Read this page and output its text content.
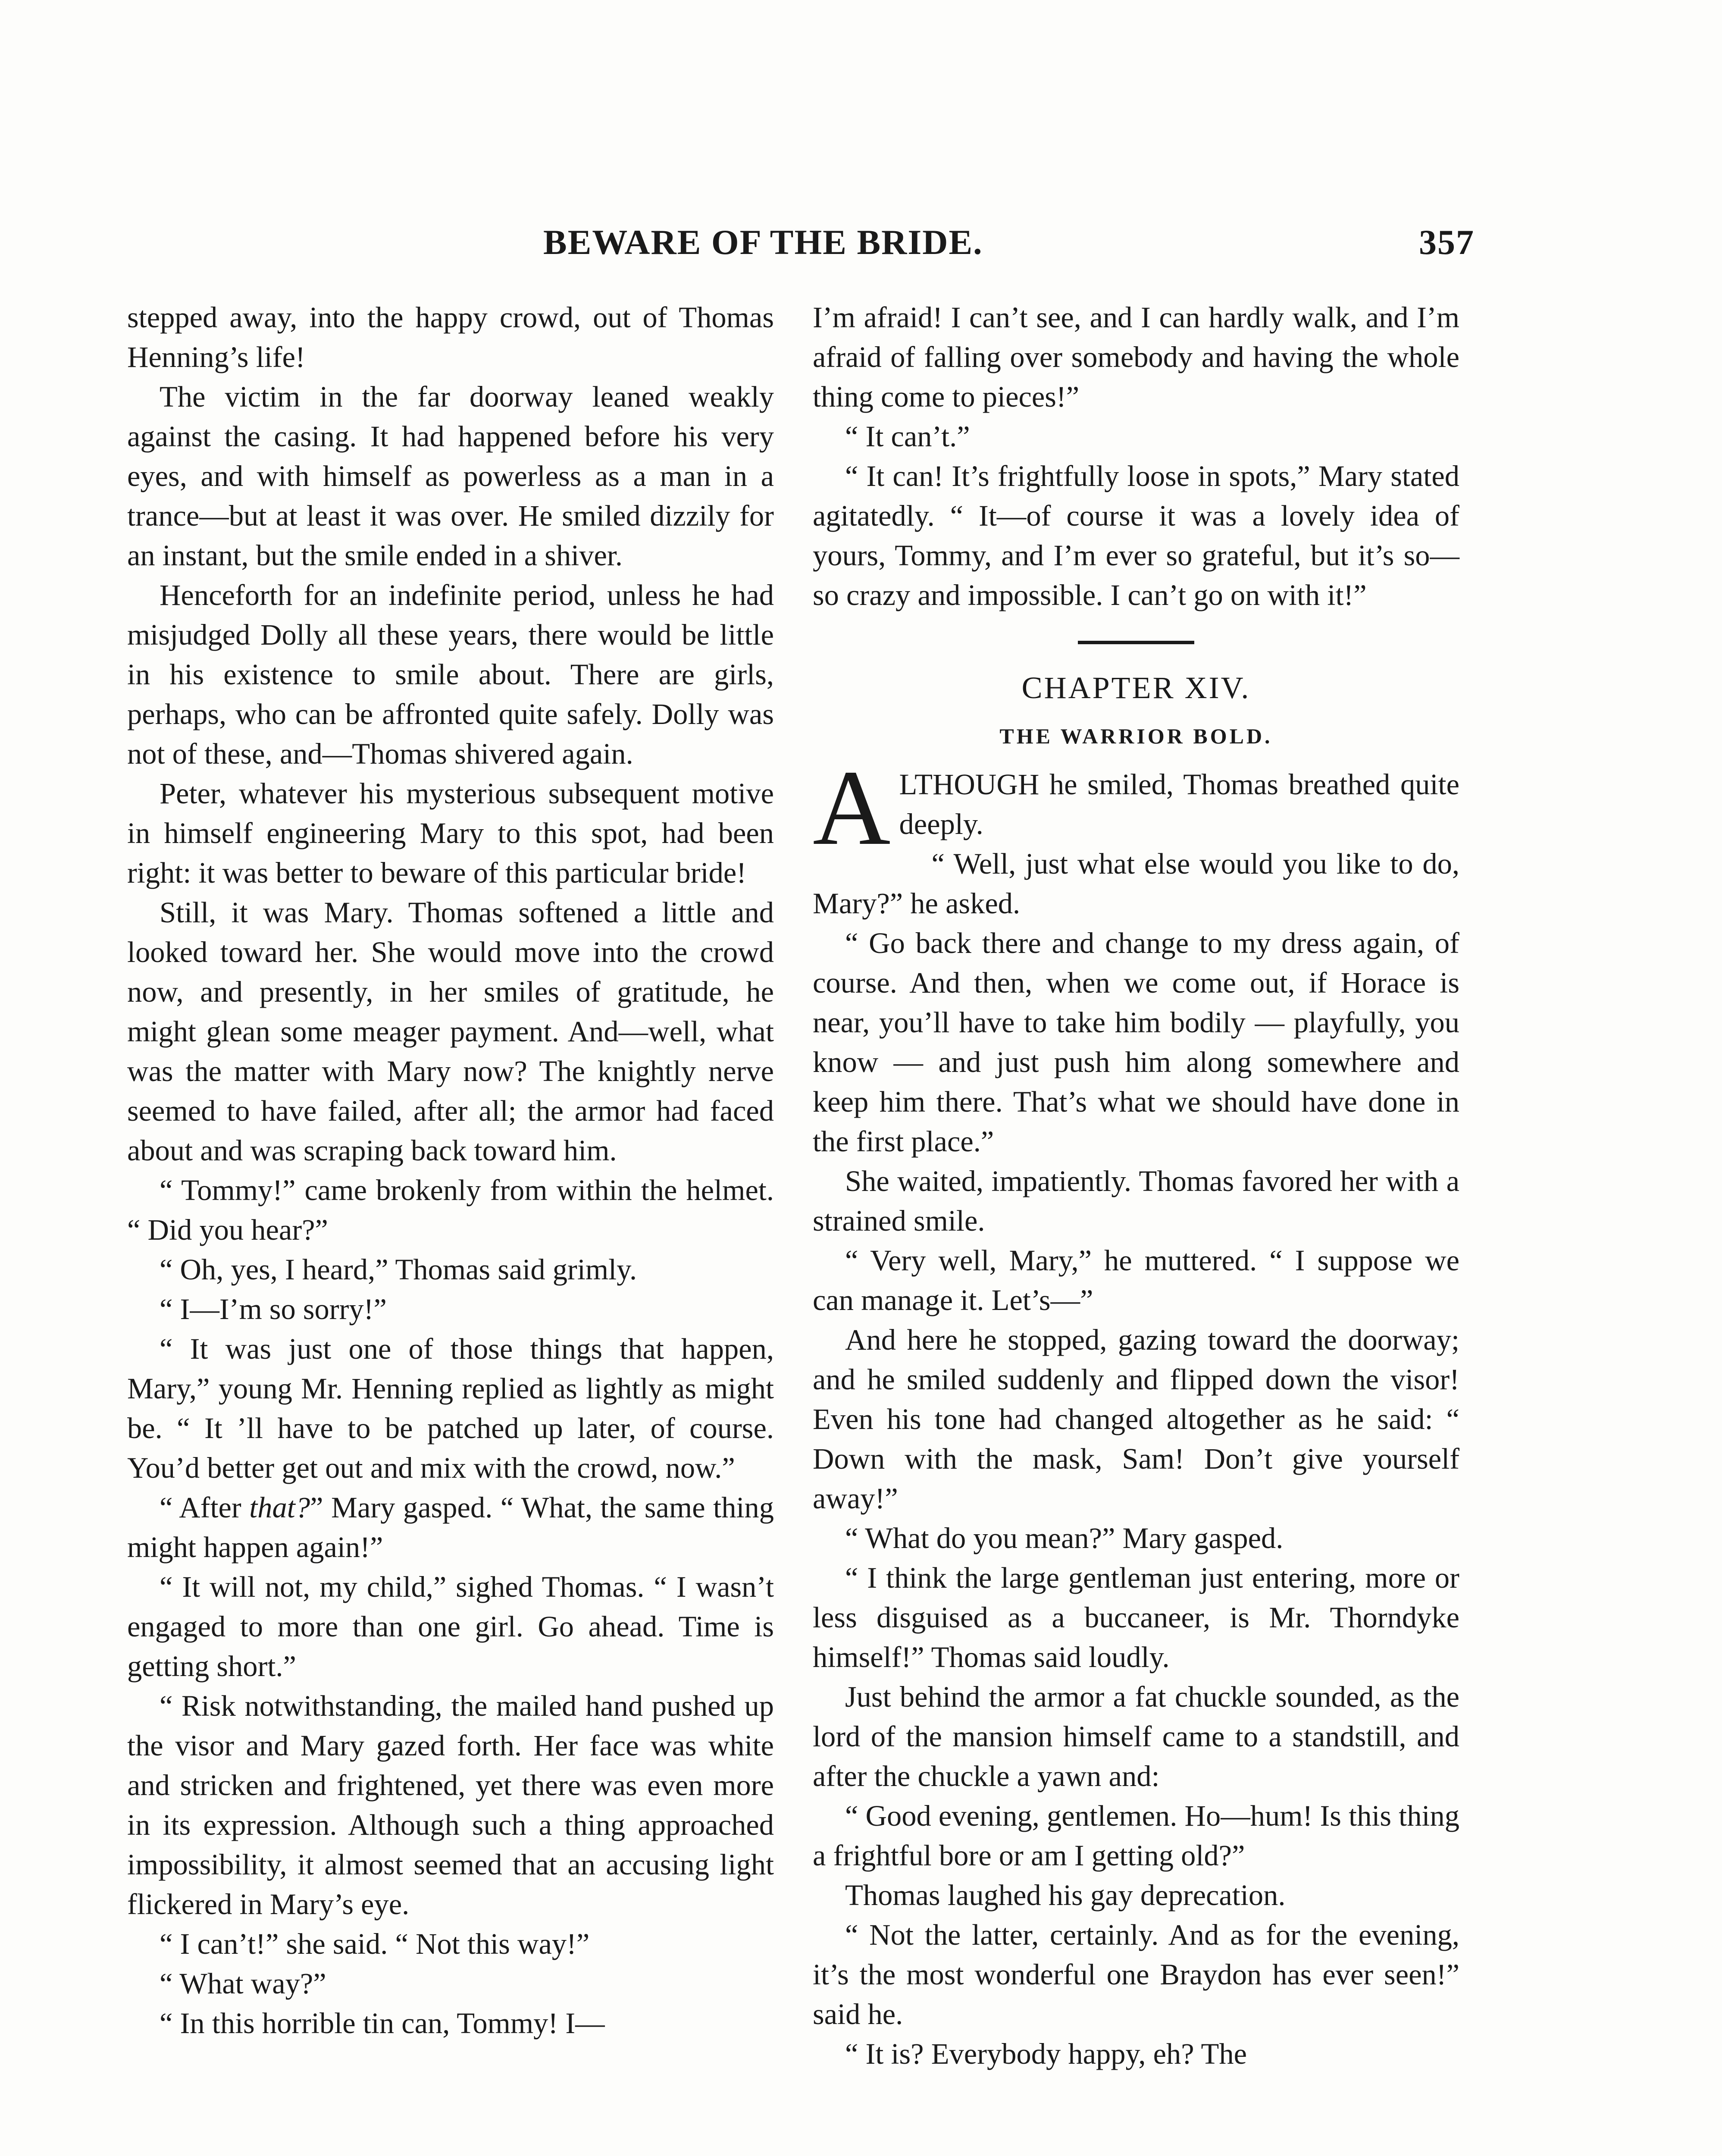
BEWARE OF THE BRIDE.	357

stepped away, into the happy crowd, out of Thomas Henning’s life!

The victim in the far doorway leaned weakly against the casing. It had happened before his very eyes, and with himself as powerless as a man in a trance—but at least it was over. He smiled dizzily for an instant, but the smile ended in a shiver.

Henceforth for an indefinite period, unless he had misjudged Dolly all these years, there would be little in his existence to smile about. There are girls, perhaps, who can be affronted quite safely. Dolly was not of these, and—Thomas shivered again.

Peter, whatever his mysterious subsequent motive in himself engineering Mary to this spot, had been right: it was better to beware of this particular bride!

Still, it was Mary. Thomas softened a little and looked toward her. She would move into the crowd now, and presently, in her smiles of gratitude, he might glean some meager payment. And—well, what was the matter with Mary now? The knightly nerve seemed to have failed, after all; the armor had faced about and was scraping back toward him.

“ Tommy!” came brokenly from within the helmet. “ Did you hear?”

“ Oh, yes, I heard,” Thomas said grimly.

“ I—I’m so sorry!”

“ It was just one of those things that happen, Mary,” young Mr. Henning replied as lightly as might be. “ It ’ll have to be patched up later, of course. You’d better get out and mix with the crowd, now.”

“ After that?” Mary gasped. “ What, the same thing might happen again!”

“ It will not, my child,” sighed Thomas. “ I wasn’t engaged to more than one girl. Go ahead. Time is getting short.”

“ Risk notwithstanding, the mailed hand pushed up the visor and Mary gazed forth. Her face was white and stricken and frightened, yet there was even more in its expression. Although such a thing approached impossibility, it almost seemed that an accusing light flickered in Mary’s eye.

“ I can’t!” she said. “ Not this way!”

“ What way?”

“ In this horrible tin can, Tommy! I—

I’m afraid! I can’t see, and I can hardly walk, and I’m afraid of falling over somebody and having the whole thing come to pieces!”

“ It can’t.”

“ It can! It’s frightfully loose in spots,” Mary stated agitatedly. “ It—of course it was a lovely idea of yours, Tommy, and I’m ever so grateful, but it’s so—so crazy and impossible. I can’t go on with it!”

CHAPTER XIV.
THE WARRIOR BOLD.

ALTHOUGH he smiled, Thomas breathed quite deeply.

“ Well, just what else would you like to do, Mary?” he asked.

“ Go back there and change to my dress again, of course. And then, when we come out, if Horace is near, you’ll have to take him bodily — playfully, you know — and just push him along somewhere and keep him there. That’s what we should have done in the first place.”

She waited, impatiently. Thomas favored her with a strained smile.

“ Very well, Mary,” he muttered. “ I suppose we can manage it. Let’s—”

And here he stopped, gazing toward the doorway; and he smiled suddenly and flipped down the visor! Even his tone had changed altogether as he said: “ Down with the mask, Sam! Don’t give yourself away!”

“ What do you mean?” Mary gasped.

“ I think the large gentleman just entering, more or less disguised as a buccaneer, is Mr. Thorndyke himself!” Thomas said loudly.

Just behind the armor a fat chuckle sounded, as the lord of the mansion himself came to a standstill, and after the chuckle a yawn and:

“ Good evening, gentlemen. Ho—hum! Is this thing a frightful bore or am I getting old?”

Thomas laughed his gay deprecation.

“ Not the latter, certainly. And as for the evening, it’s the most wonderful one Braydon has ever seen!” said he.

“ It is? Everybody happy, eh? The
